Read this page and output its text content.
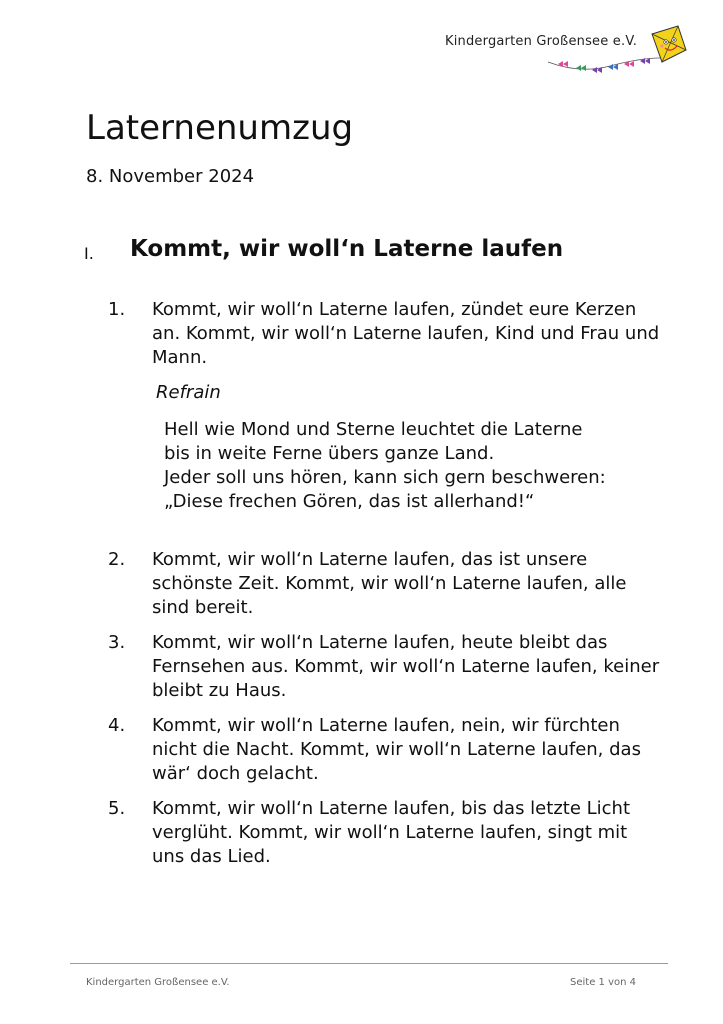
Kindergarten Großensee e.V.
Laternenumzug

8. November 2024

I. Kommt, wir woll‘n Laterne laufen
1.	Kommt, wir woll‘n Laterne laufen, zündet eure Kerzen an. Kommt, wir woll‘n Laterne laufen, Kind und Frau und Mann.
Refrain
Hell wie Mond und Sterne leuchtet die Laterne
bis in weite Ferne übers ganze Land.
Jeder soll uns hören, kann sich gern beschweren:
„Diese frechen Gören, das ist allerhand!“
2.	Kommt, wir woll‘n Laterne laufen, das ist unsere schönste Zeit. Kommt, wir woll‘n Laterne laufen, alle sind bereit.
3.	Kommt, wir woll‘n Laterne laufen, heute bleibt das Fernsehen aus. Kommt, wir woll‘n Laterne laufen, keiner bleibt zu Haus.
4.	Kommt, wir woll‘n Laterne laufen, nein, wir fürchten nicht die Nacht. Kommt, wir woll‘n Laterne laufen, das wär‘ doch gelacht.
5.	Kommt, wir woll‘n Laterne laufen, bis das letzte Licht verglüht. Kommt, wir woll‘n Laterne laufen, singt mit uns das Lied.
Kindergarten Großensee e.V.	Seite 1 von 4
